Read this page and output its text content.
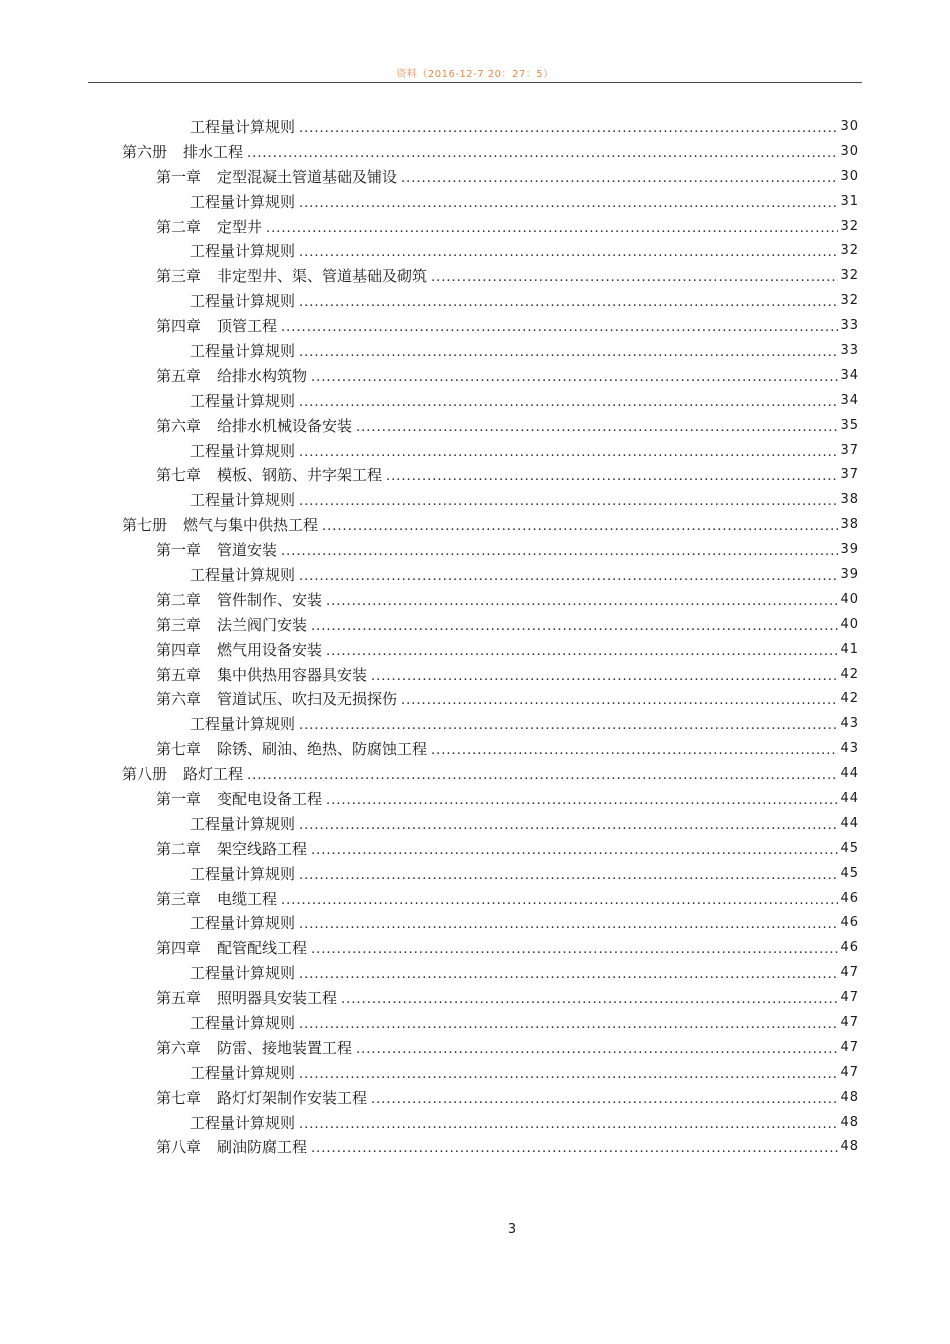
资料（2016-12-7 20：27：5）
工程量计算规则 .....	30
第六册 排水工程 .....	30
第一章 定型混凝土管道基础及铺设 .....	30
工程量计算规则 .....	31
第二章 定型井 .....	32
工程量计算规则 .....	32
第三章 非定型井、渠、管道基础及砌筑 .....	32
工程量计算规则 .....	32
第四章 顶管工程 .....	33
工程量计算规则 .....	33
第五章 给排水构筑物 .....	34
工程量计算规则 .....	34
第六章 给排水机械设备安装 .....	35
工程量计算规则 .....	37
第七章 模板、钢筋、井字架工程 .....	37
工程量计算规则 .....	38
第七册 燃气与集中供热工程 .....	38
第一章 管道安装 .....	39
工程量计算规则 .....	39
第二章 管件制作、安装 .....	40
第三章 法兰阀门安装 .....	40
第四章 燃气用设备安装 .....	41
第五章 集中供热用容器具安装 .....	42
第六章 管道试压、吹扫及无损探伤 .....	42
工程量计算规则 .....	43
第七章 除锈、刷油、绝热、防腐蚀工程 .....	43
第八册 路灯工程 .....	44
第一章 变配电设备工程 .....	44
工程量计算规则 .....	44
第二章 架空线路工程 .....	45
工程量计算规则 .....	45
第三章 电缆工程 .....	46
工程量计算规则 .....	46
第四章 配管配线工程 .....	46
工程量计算规则 .....	47
第五章 照明器具安装工程 .....	47
工程量计算规则 .....	47
第六章 防雷、接地装置工程 .....	47
工程量计算规则 .....	47
第七章 路灯灯架制作安装工程 .....	48
工程量计算规则 .....	48
第八章 刷油防腐工程 .....	48
3
